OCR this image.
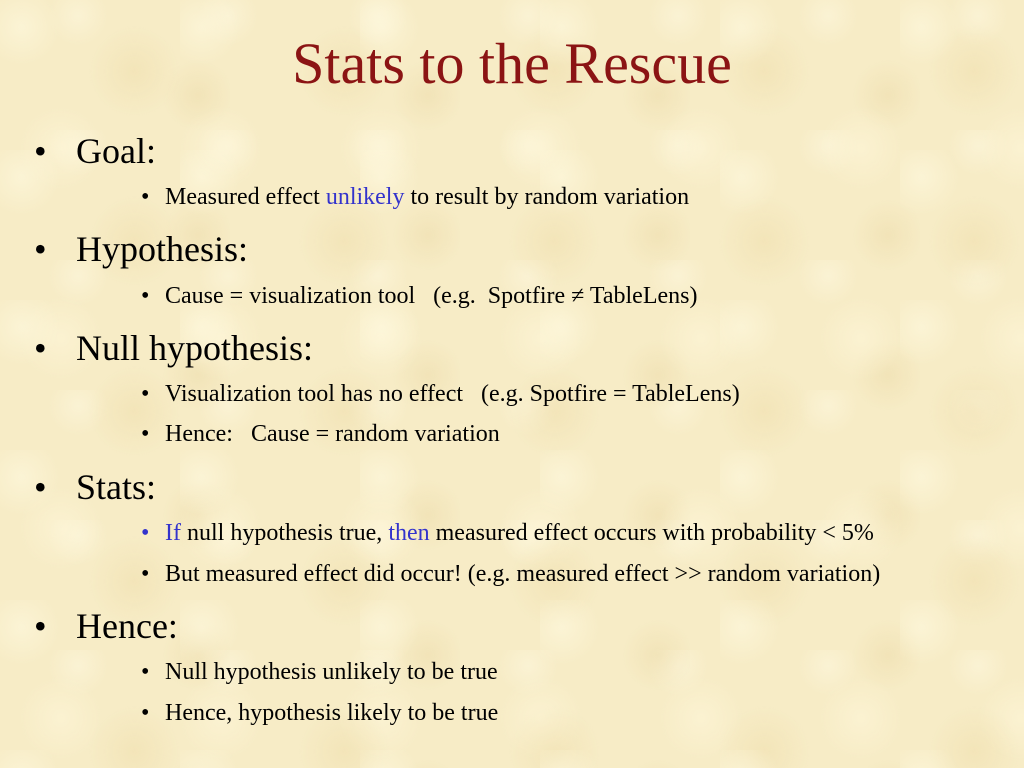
Stats to the Rescue
• Goal:
• Measured effect unlikely to result by random variation
• Hypothesis:
• Cause = visualization tool   (e.g.  Spotfire ≠ TableLens)
• Null hypothesis:
• Visualization tool has no effect   (e.g. Spotfire = TableLens)
• Hence:   Cause = random variation
• Stats:
• If null hypothesis true, then measured effect occurs with probability < 5%
• But measured effect did occur! (e.g. measured effect >> random variation)
• Hence:
• Null hypothesis unlikely to be true
• Hence, hypothesis likely to be true
